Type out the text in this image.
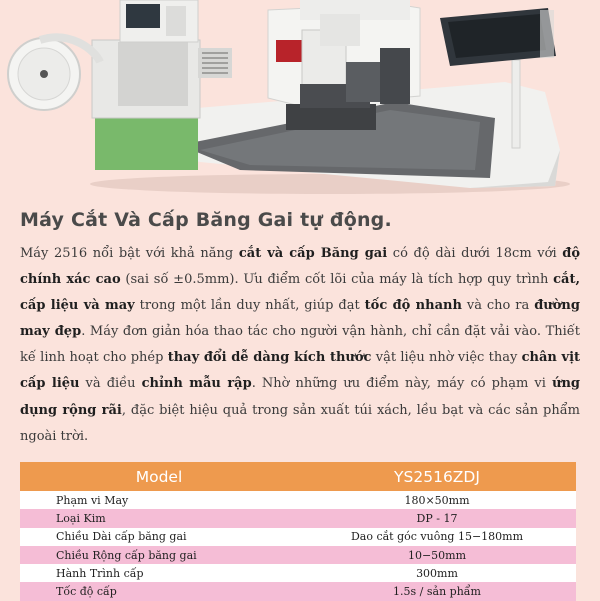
Máy Cắt Và Cấp Băng Gai tự động.

Máy 2516 nổi bật với khả năng cắt và cấp Băng gai có độ dài dưới 18cm với độ chính xác cao (sai số ±0.5mm). Ưu điểm cốt lõi của máy là tích hợp quy trình cắt, cấp liệu và may trong một lần duy nhất, giúp đạt tốc độ nhanh và cho ra đường may đẹp. Máy đơn giản hóa thao tác cho người vận hành, chỉ cần đặt vải vào. Thiết kế linh hoạt cho phép thay đổi dễ dàng kích thước vật liệu nhờ việc thay chân vịt cấp liệu và điều chỉnh mẫu rập. Nhờ những ưu điểm này, máy có phạm vi ứng dụng rộng rãi, đặc biệt hiệu quả trong sản xuất túi xách, lều bạt và các sản phẩm ngoài trời.

Model	YS2516ZDJ
Phạm vi May	180×50mm
Loại Kim	DP - 17
Chiều Dài cấp băng gai	Dao cắt góc vuông 15−180mm
Chiều Rộng cấp băng gai	10−50mm
Hành Trình cấp	300mm
Tốc độ cấp	1.5s / sản phẩm
